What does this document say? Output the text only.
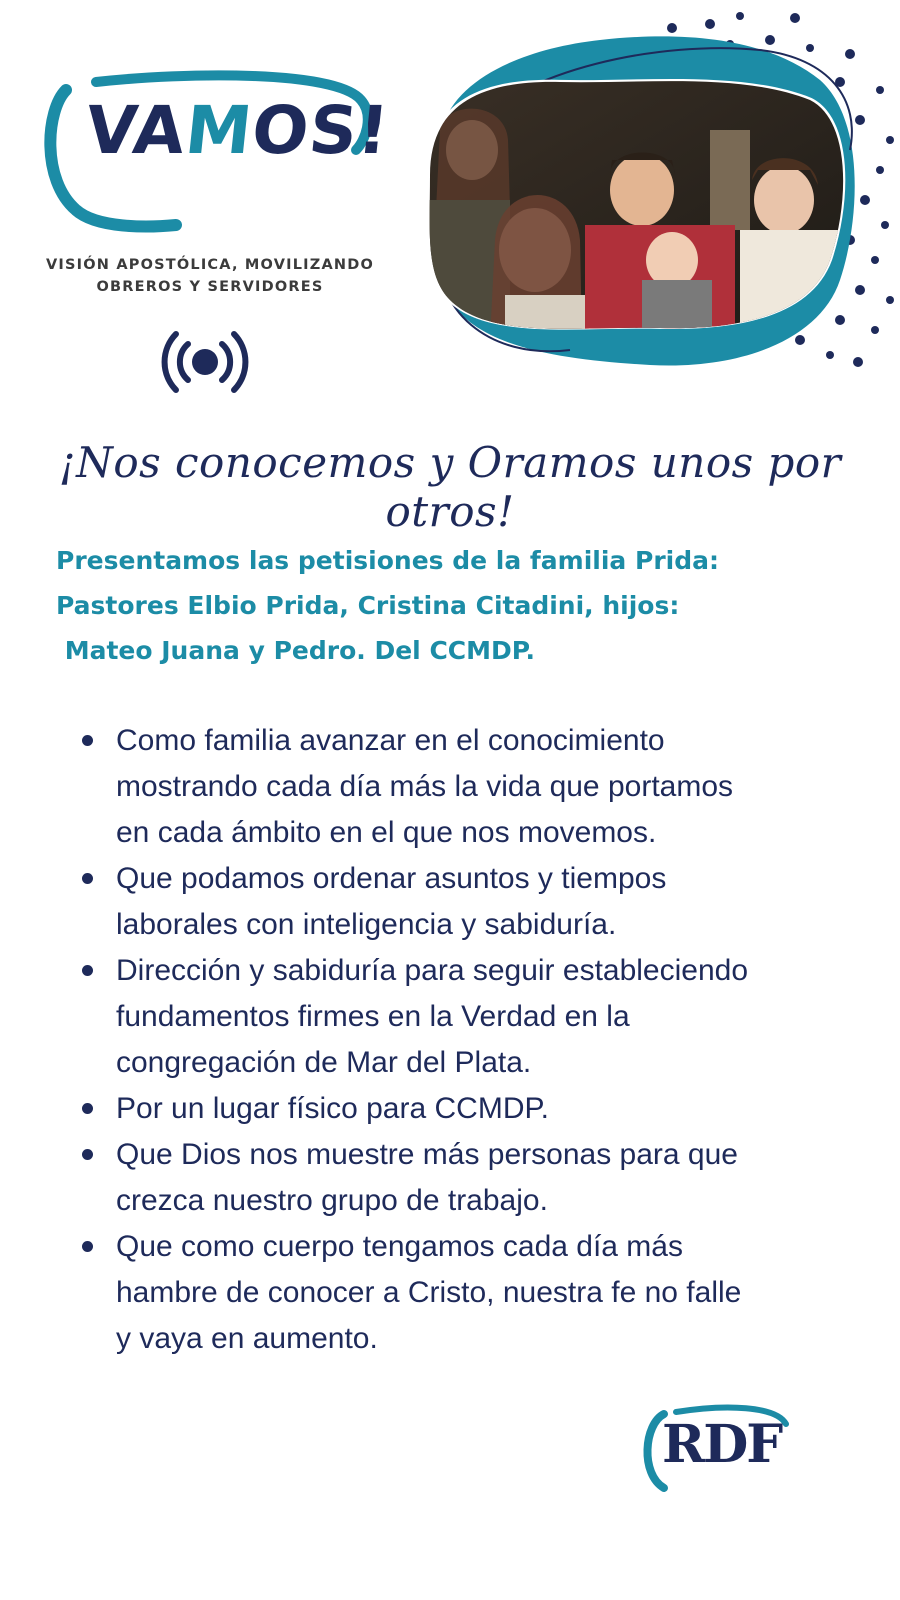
VAMOS!
VISIÓN APOSTÓLICA, MOVILIZANDO
OBREROS Y SERVIDORES
¡Nos conocemos y Oramos unos por otros!
Presentamos las petisiones de la familia Prida:
Pastores Elbio Prida, Cristina Citadini, hijos:
Mateo Juana y Pedro. Del CCMDP.
Como familia avanzar en el conocimiento
mostrando cada día más la vida que portamos
en cada ámbito en el que nos movemos.
Que podamos ordenar asuntos y tiempos
laborales con inteligencia y sabiduría.
Dirección y sabiduría para seguir estableciendo
fundamentos firmes en la Verdad en la
congregación de Mar del Plata.
Por un lugar físico para CCMDP.
Que Dios nos muestre más personas para que
crezca nuestro grupo de trabajo.
Que como cuerpo tengamos cada día más
hambre de conocer a Cristo, nuestra fe no falle
y vaya en aumento.
RDF
